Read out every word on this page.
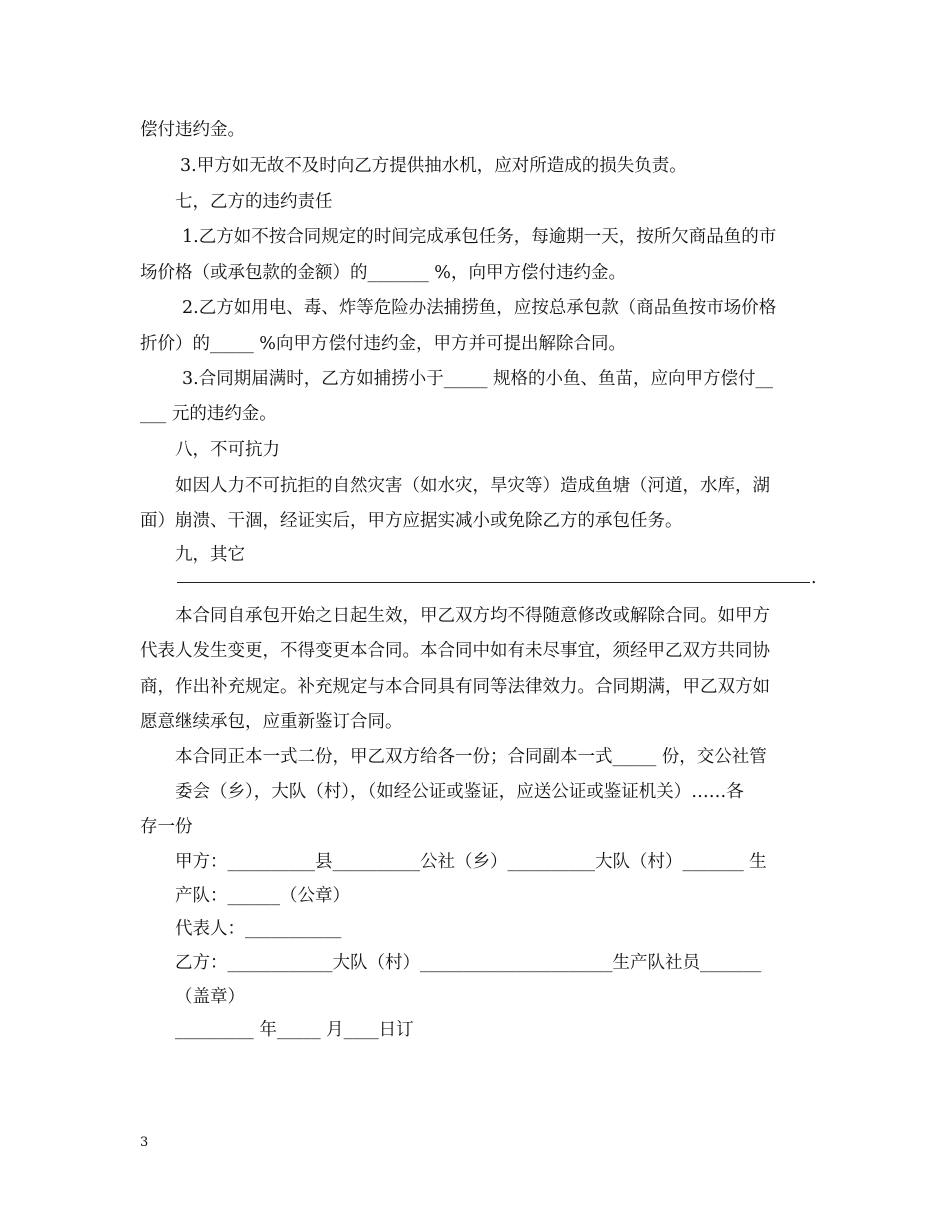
偿付违约金。
3.甲方如无故不及时向乙方提供抽水机，应对所造成的损失负责。
七，乙方的违约责任
1.乙方如不按合同规定的时间完成承包任务，每逾期一天，按所欠商品鱼的市
场价格（或承包款的金额）的_______ %，向甲方偿付违约金。
2.乙方如用电、毒、炸等危险办法捕捞鱼，应按总承包款（商品鱼按市场价格
折价）的_____ %向甲方偿付违约金，甲方并可提出解除合同。
3.合同期届满时，乙方如捕捞小于_____ 规格的小鱼、鱼苗，应向甲方偿付__
___ 元的违约金。
八，不可抗力
如因人力不可抗拒的自然灾害（如水灾，旱灾等）造成鱼塘（河道，水库，湖
面）崩溃、干涸，经证实后，甲方应据实减小或免除乙方的承包任务。
九，其它
.
本合同自承包开始之日起生效，甲乙双方均不得随意修改或解除合同。如甲方
代表人发生变更，不得变更本合同。本合同中如有未尽事宜，须经甲乙双方共同协
商，作出补充规定。补充规定与本合同具有同等法律效力。合同期满，甲乙双方如
愿意继续承包，应重新鉴订合同。
本合同正本一式二份，甲乙双方给各一份；合同副本一式_____ 份，交公社管
委会（乡），大队（村），（如经公证或鉴证，应送公证或鉴证机关）……各
存一份
甲方：__________县__________公社（乡）__________大队（村）_______ 生
产队：______（公章）
代表人：___________
乙方：____________大队（村）______________________生产队社员_______
（盖章）
_________ 年_____ 月____日订
3
